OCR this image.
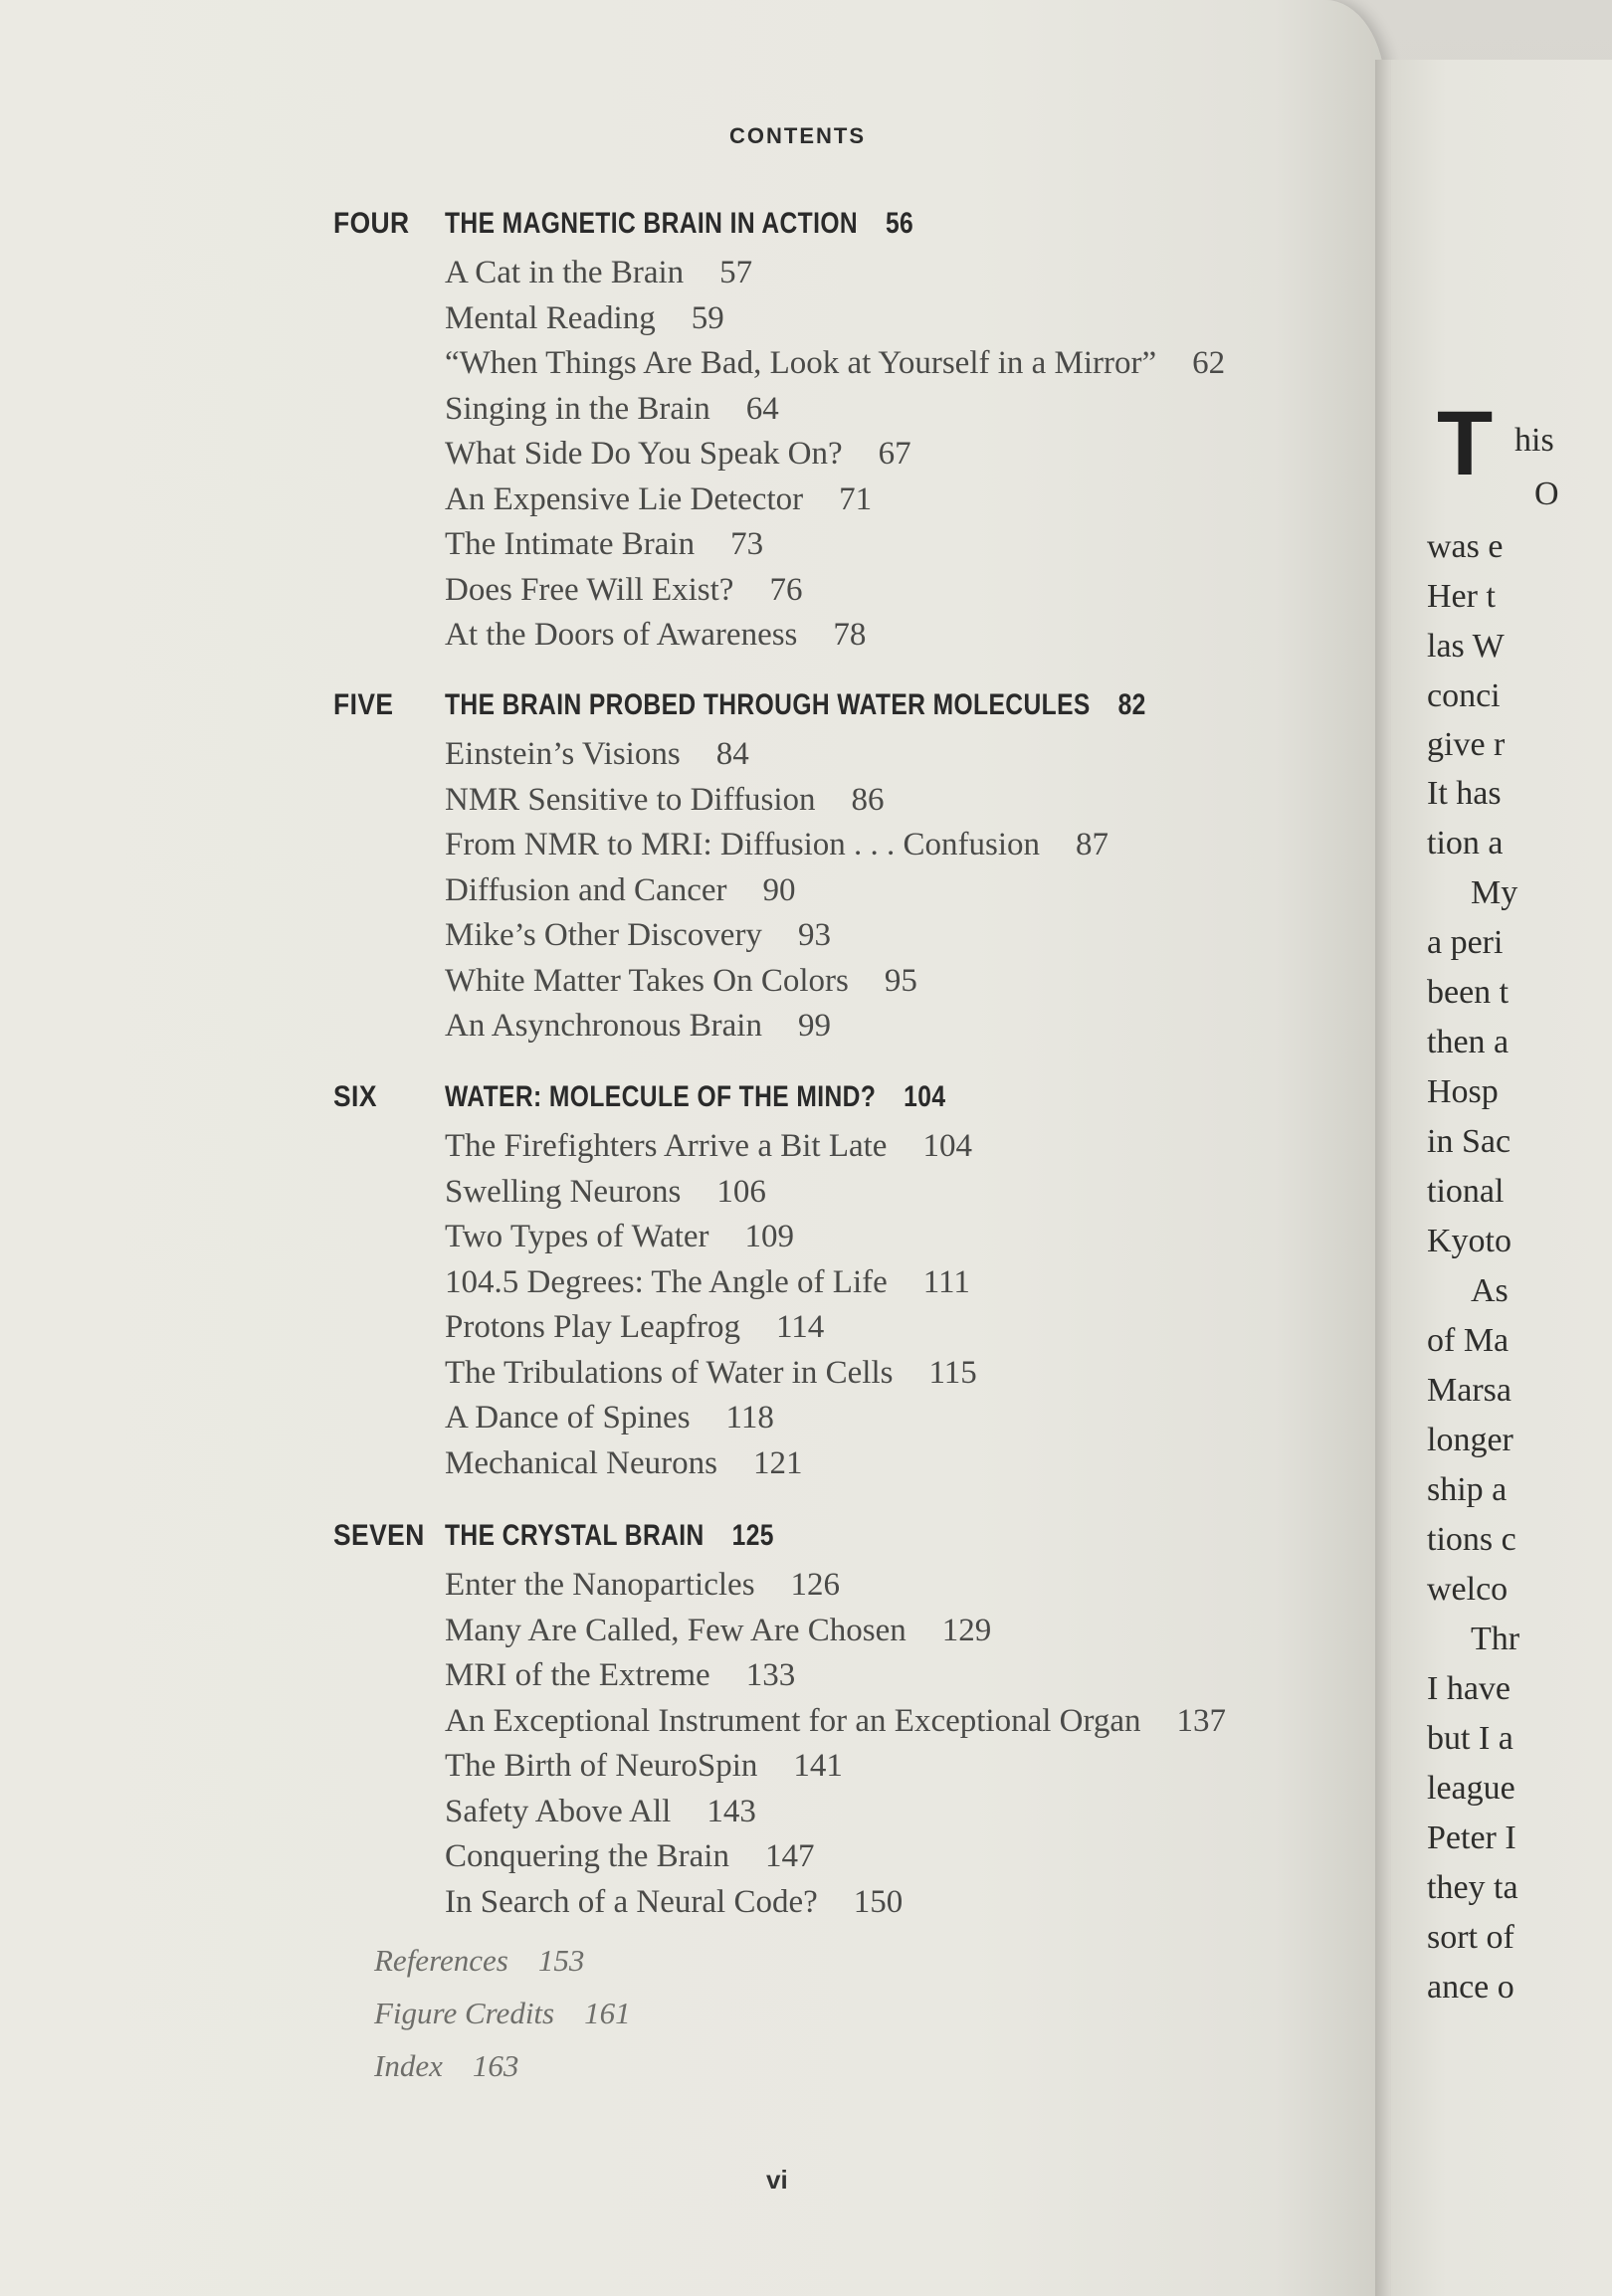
CONTENTS
FOUR THE MAGNETIC BRAIN IN ACTION 56
A Cat in the Brain 57
Mental Reading 59
“When Things Are Bad, Look at Yourself in a Mirror” 62
Singing in the Brain 64
What Side Do You Speak On? 67
An Expensive Lie Detector 71
The Intimate Brain 73
Does Free Will Exist? 76
At the Doors of Awareness 78
FIVE THE BRAIN PROBED THROUGH WATER MOLECULES 82
Einstein’s Visions 84
NMR Sensitive to Diffusion 86
From NMR to MRI: Diffusion . . . Confusion 87
Diffusion and Cancer 90
Mike’s Other Discovery 93
White Matter Takes On Colors 95
An Asynchronous Brain 99
SIX WATER: MOLECULE OF THE MIND? 104
The Firefighters Arrive a Bit Late 104
Swelling Neurons 106
Two Types of Water 109
104.5 Degrees: The Angle of Life 111
Protons Play Leapfrog 114
The Tribulations of Water in Cells 115
A Dance of Spines 118
Mechanical Neurons 121
SEVEN THE CRYSTAL BRAIN 125
Enter the Nanoparticles 126
Many Are Called, Few Are Chosen 129
MRI of the Extreme 133
An Exceptional Instrument for an Exceptional Organ 137
The Birth of NeuroSpin 141
Safety Above All 143
Conquering the Brain 147
In Search of a Neural Code? 150
References 153
Figure Credits 161
Index 163
vi
T his
O
was e
Her t
las W
conci
give r
It has
tion a
My
a peri
been t
then a
Hosp
in Sac
tional
Kyoto
As
of Ma
Marsa
longer
ship a
tions c
welco
Thr
I have
but I a
league
Peter I
they ta
sort of
ance o
